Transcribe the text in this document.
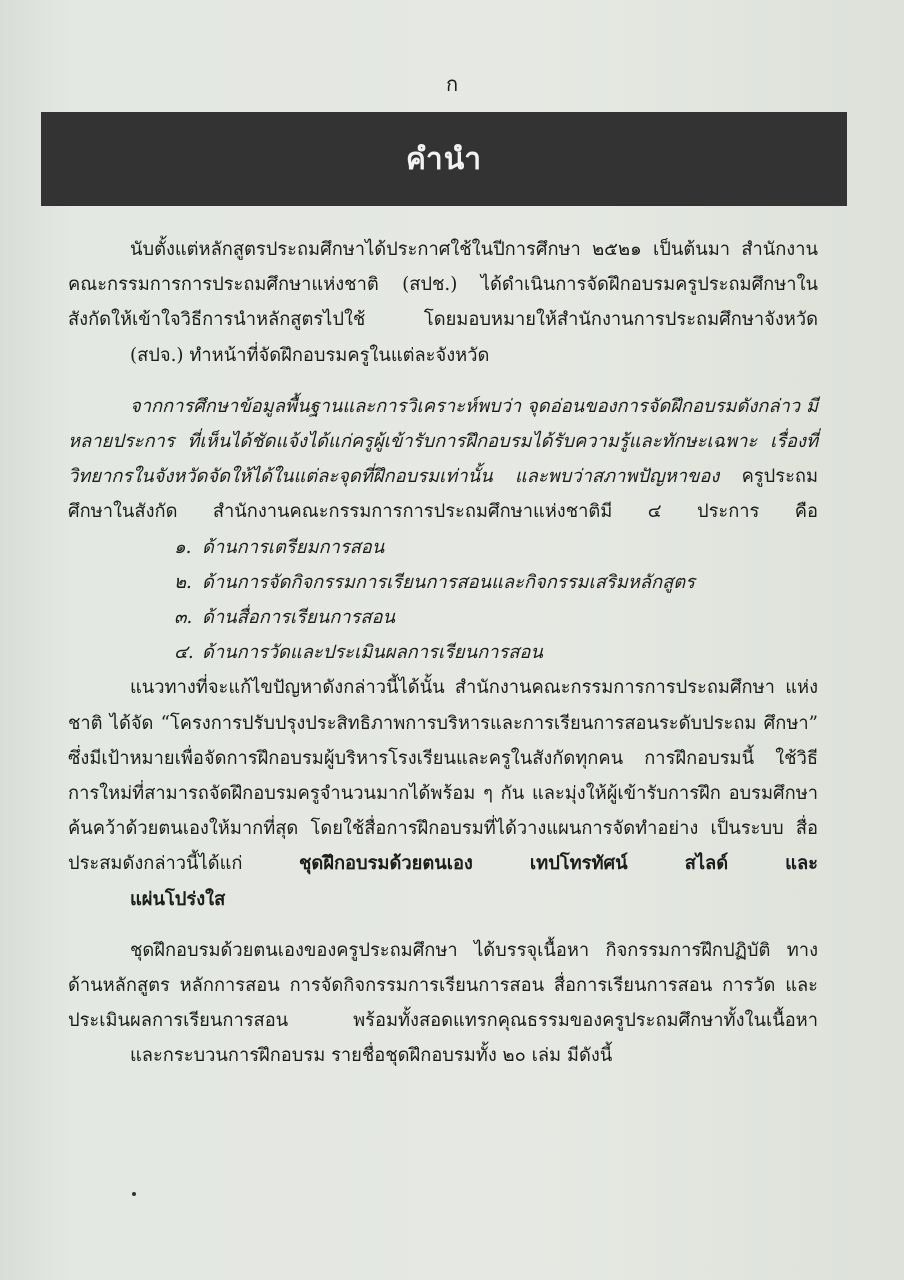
ก
คำนำ

นับตั้งแต่หลักสูตรประถมศึกษาได้ประกาศใช้ในปีการศึกษา ๒๕๒๑ เป็นต้นมา สำนักงาน คณะกรรมการการประถมศึกษาแห่งชาติ (สปช.) ได้ดำเนินการจัดฝึกอบรมครูประถมศึกษาใน สังกัดให้เข้าใจวิธีการนำหลักสูตรไปใช้ โดยมอบหมายให้สำนักงานการประถมศึกษาจังหวัด
(สปจ.) ทำหน้าที่จัดฝึกอบรมครูในแต่ละจังหวัด

จากการศึกษาข้อมูลพื้นฐานและการวิเคราะห์พบว่า จุดอ่อนของการจัดฝึกอบรมดังกล่าว มีหลายประการ ที่เห็นได้ชัดแจ้งได้แก่ครูผู้เข้ารับการฝึกอบรมได้รับความรู้และทักษะเฉพาะ เรื่องที่วิทยากรในจังหวัดจัดให้ได้ในแต่ละจุดที่ฝึกอบรมเท่านั้น และพบว่าสภาพปัญหาของ ครูประถมศึกษาในสังกัด สำนักงานคณะกรรมการการประถมศึกษาแห่งชาติมี ๔ ประการ คือ

๑. ด้านการเตรียมการสอน
๒. ด้านการจัดกิจกรรมการเรียนการสอนและกิจกรรมเสริมหลักสูตร
๓. ด้านสื่อการเรียนการสอน
๔. ด้านการวัดและประเมินผลการเรียนการสอน

แนวทางที่จะแก้ไขปัญหาดังกล่าวนี้ได้นั้น สำนักงานคณะกรรมการการประถมศึกษา แห่งชาติ ได้จัด “โครงการปรับปรุงประสิทธิภาพการบริหารและการเรียนการสอนระดับประถม ศึกษา” ซึ่งมีเป้าหมายเพื่อจัดการฝึกอบรมผู้บริหารโรงเรียนและครูในสังกัดทุกคน การฝึกอบรมนี้ ใช้วิธีการใหม่ที่สามารถจัดฝึกอบรมครูจำนวนมากได้พร้อม ๆ กัน และมุ่งให้ผู้เข้ารับการฝึก อบรมศึกษาค้นคว้าด้วยตนเองให้มากที่สุด โดยใช้สื่อการฝึกอบรมที่ได้วางแผนการจัดทำอย่าง เป็นระบบ สื่อประสมดังกล่าวนี้ได้แก่	ชุดฝึกอบรมด้วยตนเอง เทปโทรทัศน์ สไลด์ และ
แผ่นโปร่งใส

ชุดฝึกอบรมด้วยตนเองของครูประถมศึกษา ได้บรรจุเนื้อหา กิจกรรมการฝึกปฏิบัติ ทางด้านหลักสูตร หลักการสอน การจัดกิจกรรมการเรียนการสอน สื่อการเรียนการสอน การวัด และประเมินผลการเรียนการสอน พร้อมทั้งสอดแทรกคุณธรรมของครูประถมศึกษาทั้งในเนื้อหา
และกระบวนการฝึกอบรม รายชื่อชุดฝึกอบรมทั้ง ๒๐ เล่ม มีดังนี้
